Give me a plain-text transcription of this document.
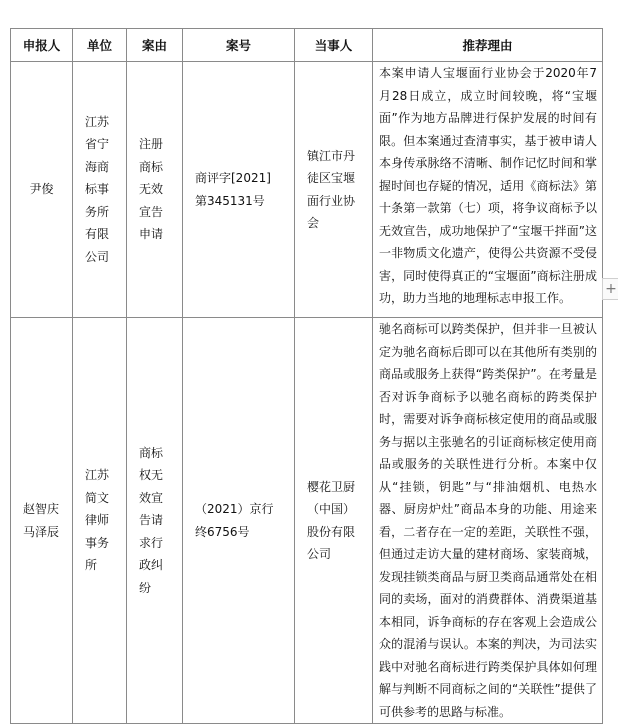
申报人	单位	案由	案号	当事人	推荐理由
尹俊	江苏省宁海商标事务所有限公司	注册商标无效宣告申请	商评字[2021]第345131号	镇江市丹徒区宝堰面行业协会	本案申请人宝堰面行业协会于2020年7月28日成立，成立时间较晚，将“宝堰面”作为地方品牌进行保护发展的时间有限。但本案通过查清事实，基于被申请人本身传承脉络不清晰、制作记忆时间和掌握时间也存疑的情况，适用《商标法》第十条第一款第（七）项，将争议商标予以无效宣告，成功地保护了“宝堰干拌面”这一非物质文化遗产，使得公共资源不受侵害，同时使得真正的“宝堰面”商标注册成功，助力当地的地理标志申报工作。
赵智庆马泽辰	江苏简文律师事务所	商标权无效宣告请求行政纠纷	（2021）京行终6756号	樱花卫厨（中国）股份有限公司	驰名商标可以跨类保护，但并非一旦被认定为驰名商标后即可以在其他所有类别的商品或服务上获得“跨类保护”。在考量是否对诉争商标予以驰名商标的跨类保护时，需要对诉争商标核定使用的商品或服务与据以主张驰名的引证商标核定使用商品或服务的关联性进行分析。本案中仅从“挂锁，钥匙”与“排油烟机、电热水器、厨房炉灶”商品本身的功能、用途来看，二者存在一定的差距，关联性不强，但通过走访大量的建材商场、家装商城，发现挂锁类商品与厨卫类商品通常处在相同的卖场，面对的消费群体、消费渠道基本相同，诉争商标的存在客观上会造成公众的混淆与误认。本案的判决，为司法实践中对驰名商标进行跨类保护具体如何理解与判断不同商标之间的“关联性”提供了可供参考的思路与标准。
+
